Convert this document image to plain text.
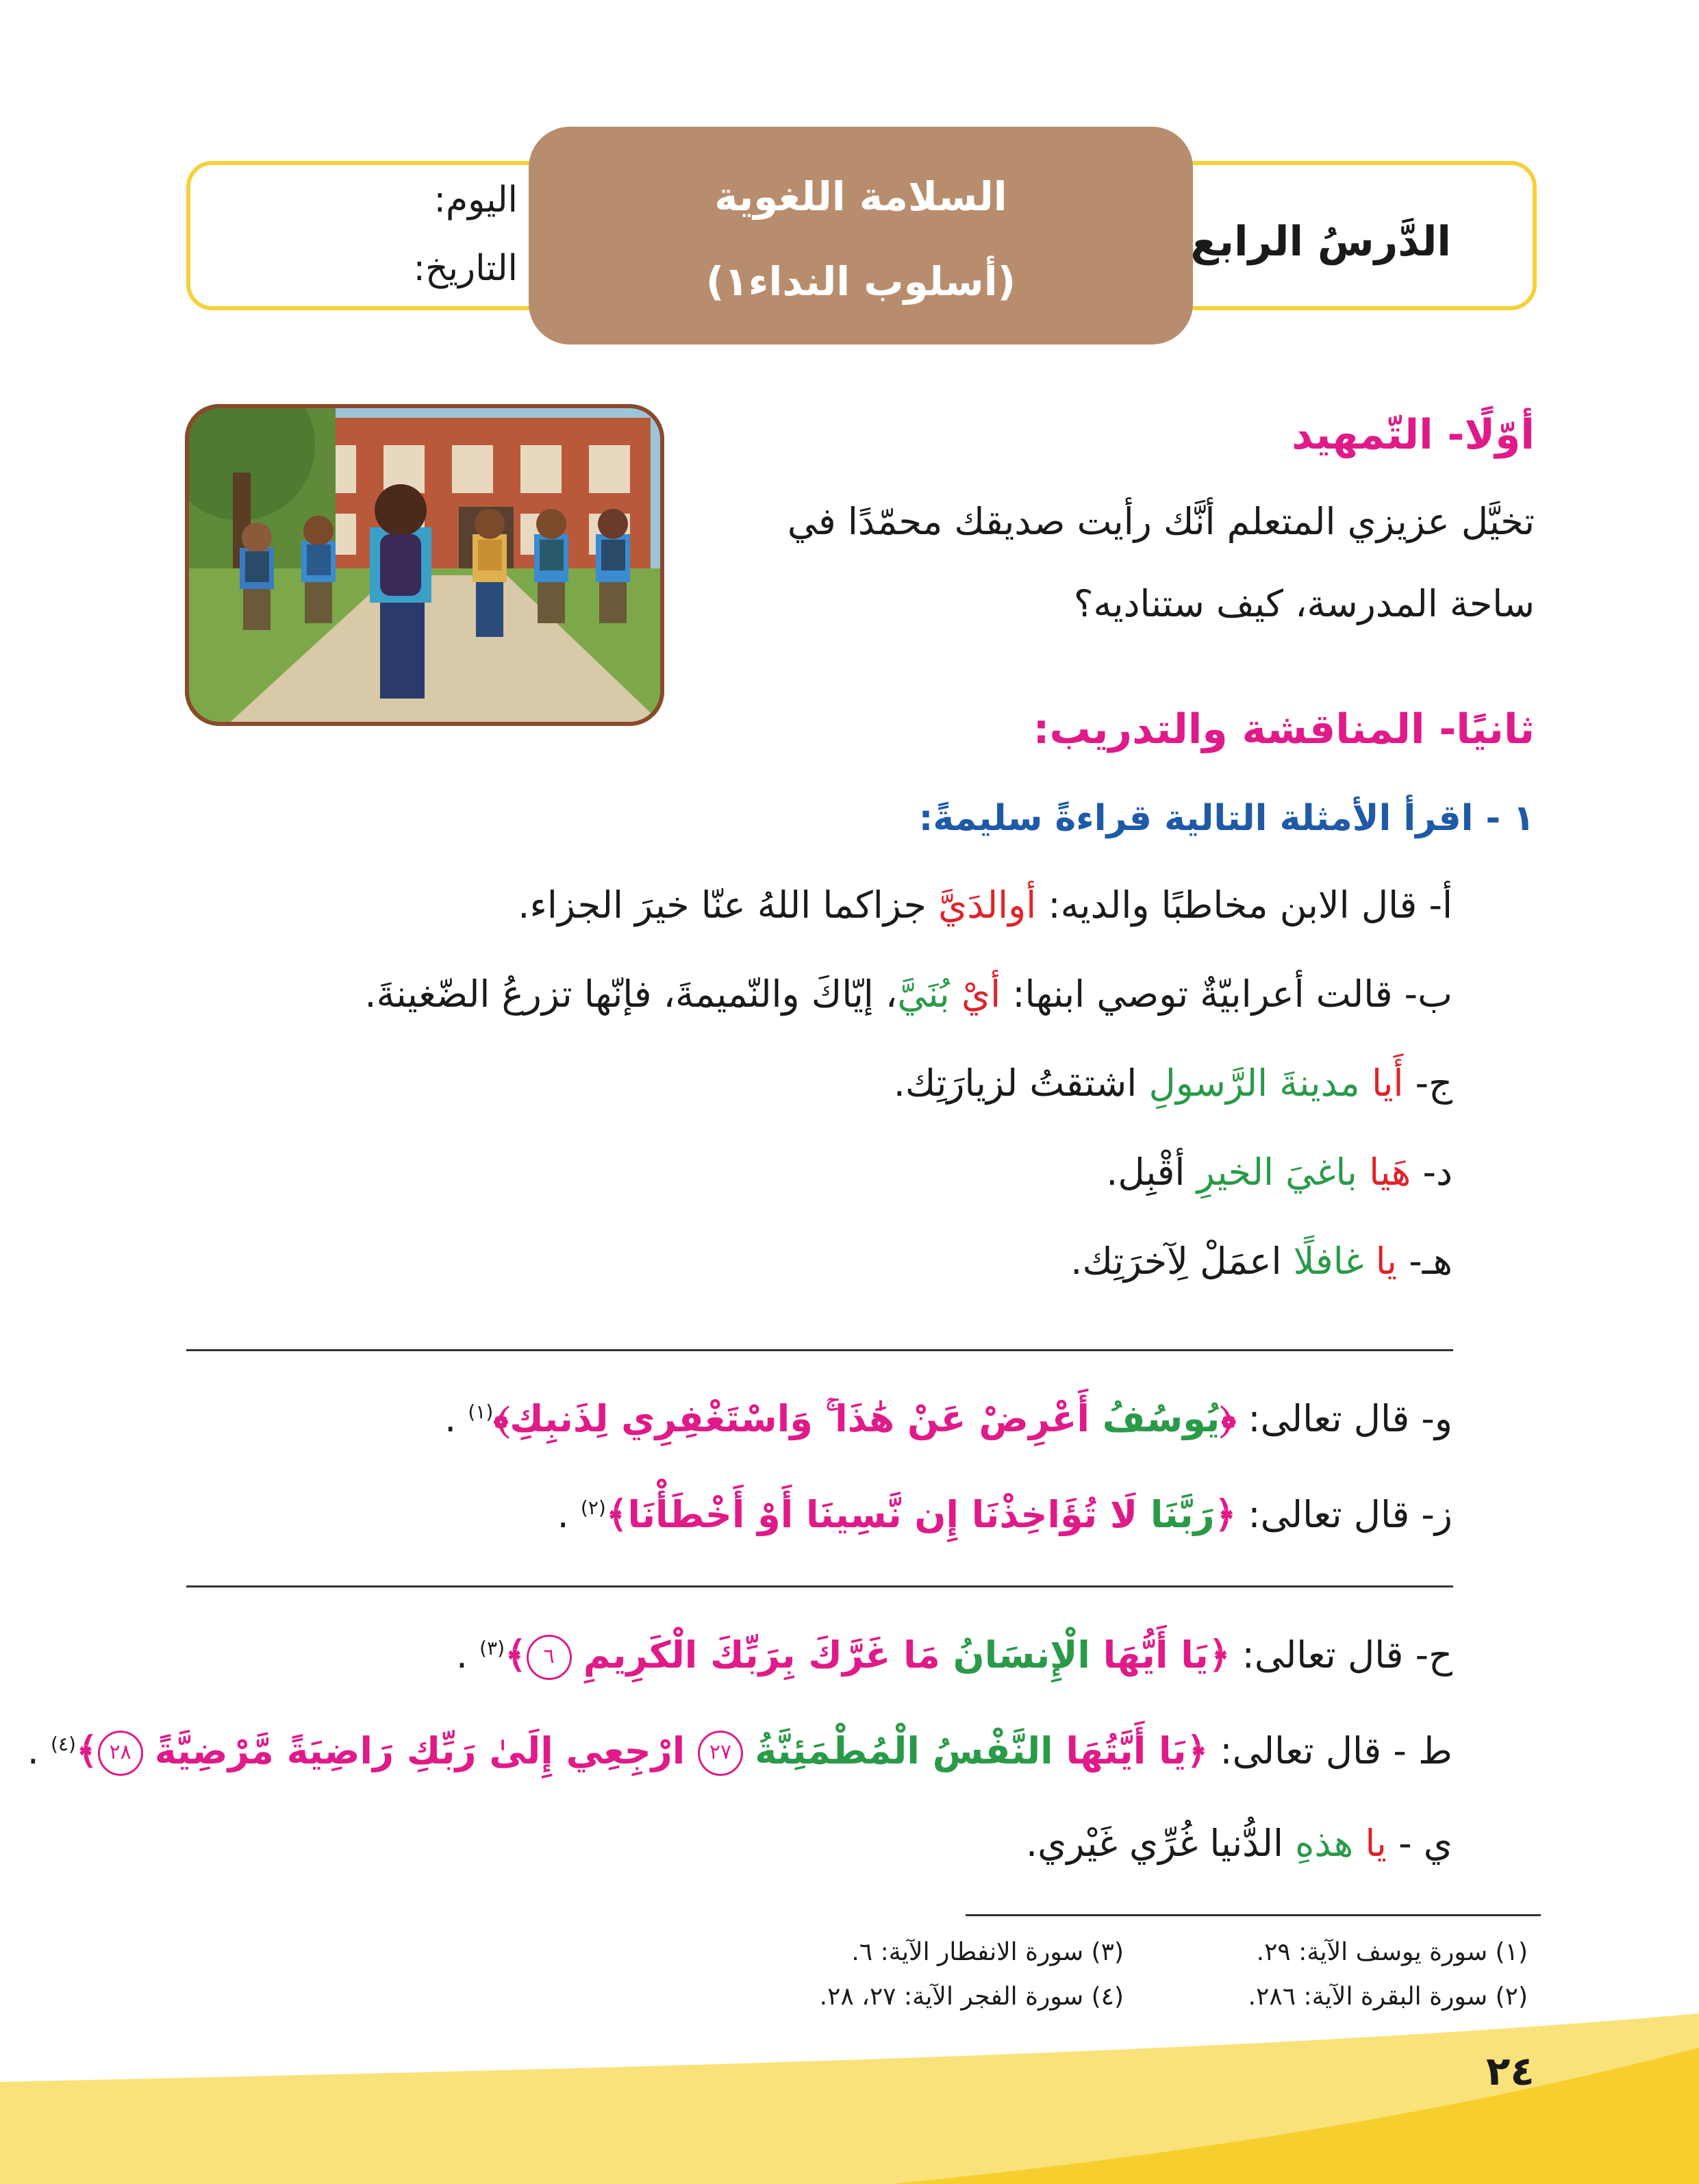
السلامة اللغوية
(أسلوب النداء١)
الدَّرسُ الرابع
اليوم:
التاريخ:
أوّلًا- التّمهيد
تخيَّل عزيزي المتعلم أنَّك رأيت صديقك محمّدًا في
ساحة المدرسة، كيف ستناديه؟
ثانيًا- المناقشة والتدريب:
١ - اقرأ الأمثلة التالية قراءةً سليمةً:
أ- قال الابن مخاطبًا والديه: أوالدَيَّ جزاكما اللهُ عنّا خيرَ الجزاء.
ب- قالت أعرابيّةٌ توصي ابنها: أيْ بُنَيَّ، إيّاكَ والنّميمةَ، فإنّها تزرعُ الضّغينةَ.
ج- أَيا مدينةَ الرَّسولِ اشتقتُ لزيارَتِك.
د- هَيا باغيَ الخيرِ أقْبِل.
هـ- يا غافلًا اعمَلْ لِآخرَتِك.
و- قال تعالى: ﴿يُوسُفُ أَعْرِضْ عَنْ هَٰذَا ۚ وَاسْتَغْفِرِي لِذَنبِكِ﴾$^{(١)}$ .
ز- قال تعالى: ﴿رَبَّنَا لَا تُؤَاخِذْنَا إِن نَّسِينَا أَوْ أَخْطَأْنَا﴾$^{(٢)}$ .
ح- قال تعالى: ﴿يَا أَيُّهَا الْإِنسَانُ مَا غَرَّكَ بِرَبِّكَ الْكَرِيمِ ٦﴾$^{(٣)}$ .
ط - قال تعالى: ﴿يَا أَيَّتُهَا النَّفْسُ الْمُطْمَئِنَّةُ ٢٧ ارْجِعِي إِلَىٰ رَبِّكِ رَاضِيَةً مَّرْضِيَّةً ٢٨﴾$^{(٤)}$ .
ي - يا هذهِ الدُّنيا غُرِّي غَيْري.
(١) سورة يوسف الآية: ٢٩.
(٢) سورة البقرة الآية: ٢٨٦.
(٣) سورة الانفطار الآية: ٦.
(٤) سورة الفجر الآية: ٢٧، ٢٨.
٢٤
